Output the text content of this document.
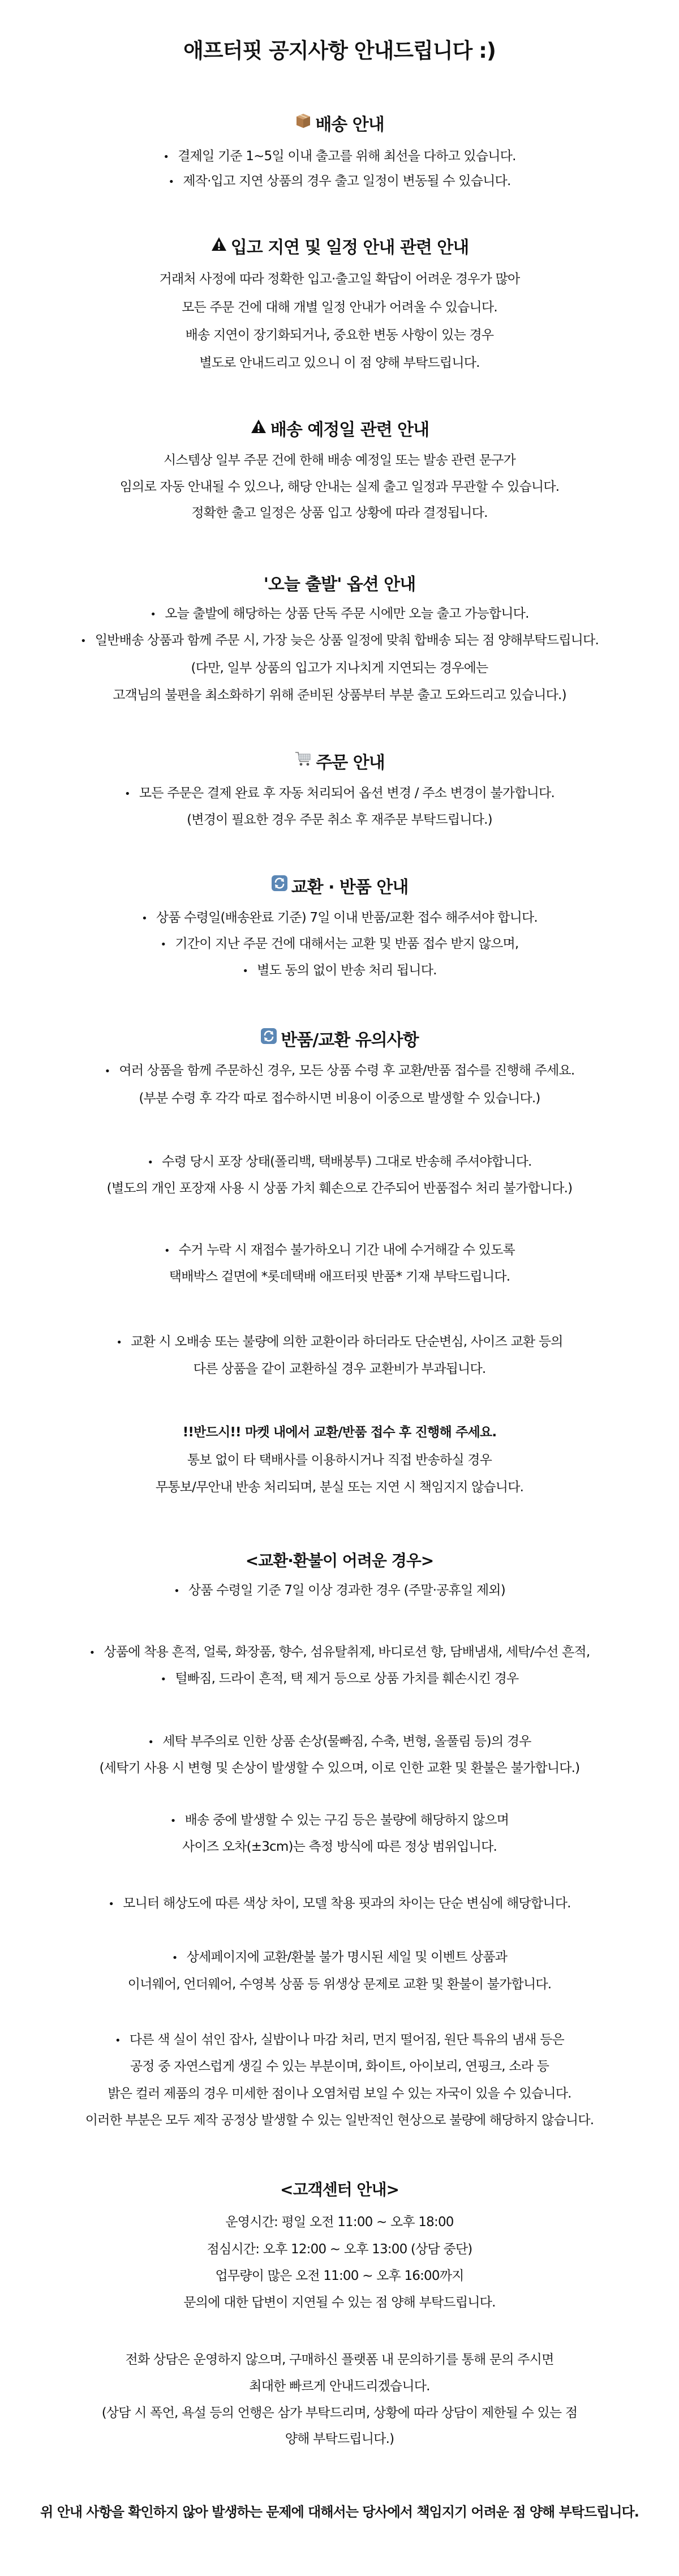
애프터핏 공지사항 안내드립니다 :)
배송 안내
• 결제일 기준 1~5일 이내 출고를 위해 최선을 다하고 있습니다.
• 제작·입고 지연 상품의 경우 출고 일정이 변동될 수 있습니다.
입고 지연 및 일정 안내 관련 안내
거래처 사정에 따라 정확한 입고·출고일 확답이 어려운 경우가 많아
모든 주문 건에 대해 개별 일정 안내가 어려울 수 있습니다.
배송 지연이 장기화되거나, 중요한 변동 사항이 있는 경우
별도로 안내드리고 있으니 이 점 양해 부탁드립니다.
배송 예정일 관련 안내
시스템상 일부 주문 건에 한해 배송 예정일 또는 발송 관련 문구가
임의로 자동 안내될 수 있으나, 해당 안내는 실제 출고 일정과 무관할 수 있습니다.
정확한 출고 일정은 상품 입고 상황에 따라 결정됩니다.
'오늘 출발' 옵션 안내
• 오늘 출발에 해당하는 상품 단독 주문 시에만 오늘 출고 가능합니다.
• 일반배송 상품과 함께 주문 시, 가장 늦은 상품 일정에 맞춰 합배송 되는 점 양해부탁드립니다.
(다만, 일부 상품의 입고가 지나치게 지연되는 경우에는
고객님의 불편을 최소화하기 위해 준비된 상품부터 부분 출고 도와드리고 있습니다.)
주문 안내
• 모든 주문은 결제 완료 후 자동 처리되어 옵션 변경 / 주소 변경이 불가합니다.
(변경이 필요한 경우 주문 취소 후 재주문 부탁드립니다.)
교환 · 반품 안내
• 상품 수령일(배송완료 기준) 7일 이내 반품/교환 접수 해주셔야 합니다.
• 기간이 지난 주문 건에 대해서는 교환 및 반품 접수 받지 않으며,
• 별도 동의 없이 반송 처리 됩니다.
반품/교환 유의사항
• 여러 상품을 함께 주문하신 경우, 모든 상품 수령 후 교환/반품 접수를 진행해 주세요.
(부분 수령 후 각각 따로 접수하시면 비용이 이중으로 발생할 수 있습니다.)
• 수령 당시 포장 상태(폴리백, 택배봉투) 그대로 반송해 주셔야합니다.
(별도의 개인 포장재 사용 시 상품 가치 훼손으로 간주되어 반품접수 처리 불가합니다.)
• 수거 누락 시 재접수 불가하오니 기간 내에 수거해갈 수 있도록
택배박스 겉면에 *롯데택배 애프터핏 반품* 기재 부탁드립니다.
• 교환 시 오배송 또는 불량에 의한 교환이라 하더라도 단순변심, 사이즈 교환 등의
다른 상품을 같이 교환하실 경우 교환비가 부과됩니다.
!!반드시!! 마켓 내에서 교환/반품 접수 후 진행해 주세요.
통보 없이 타 택배사를 이용하시거나 직접 반송하실 경우
무통보/무안내 반송 처리되며, 분실 또는 지연 시 책임지지 않습니다.
<교환·환불이 어려운 경우>
• 상품 수령일 기준 7일 이상 경과한 경우 (주말·공휴일 제외)
• 상품에 착용 흔적, 얼룩, 화장품, 향수, 섬유탈취제, 바디로션 향, 담배냄새, 세탁/수선 흔적,
• 털빠짐, 드라이 흔적, 택 제거 등으로 상품 가치를 훼손시킨 경우
• 세탁 부주의로 인한 상품 손상(물빠짐, 수축, 변형, 올풀림 등)의 경우
(세탁기 사용 시 변형 및 손상이 발생할 수 있으며, 이로 인한 교환 및 환불은 불가합니다.)
• 배송 중에 발생할 수 있는 구김 등은 불량에 해당하지 않으며
사이즈 오차(±3cm)는 측정 방식에 따른 정상 범위입니다.
• 모니터 해상도에 따른 색상 차이, 모델 착용 핏과의 차이는 단순 변심에 해당합니다.
• 상세페이지에 교환/환불 불가 명시된 세일 및 이벤트 상품과
이너웨어, 언더웨어, 수영복 상품 등 위생상 문제로 교환 및 환불이 불가합니다.
• 다른 색 실이 섞인 잡사, 실밥이나 마감 처리, 먼지 떨어짐, 원단 특유의 냄새 등은
공정 중 자연스럽게 생길 수 있는 부분이며, 화이트, 아이보리, 연핑크, 소라 등
밝은 컬러 제품의 경우 미세한 점이나 오염처럼 보일 수 있는 자국이 있을 수 있습니다.
이러한 부분은 모두 제작 공정상 발생할 수 있는 일반적인 현상으로 불량에 해당하지 않습니다.
<고객센터 안내>
운영시간: 평일 오전 11:00 ~ 오후 18:00
점심시간: 오후 12:00 ~ 오후 13:00 (상담 중단)
업무량이 많은 오전 11:00 ~ 오후 16:00까지
문의에 대한 답변이 지연될 수 있는 점 양해 부탁드립니다.
전화 상담은 운영하지 않으며, 구매하신 플랫폼 내 문의하기를 통해 문의 주시면
최대한 빠르게 안내드리겠습니다.
(상담 시 폭언, 욕설 등의 언행은 삼가 부탁드리며, 상황에 따라 상담이 제한될 수 있는 점
양해 부탁드립니다.)
위 안내 사항을 확인하지 않아 발생하는 문제에 대해서는 당사에서 책임지기 어려운 점 양해 부탁드립니다.
